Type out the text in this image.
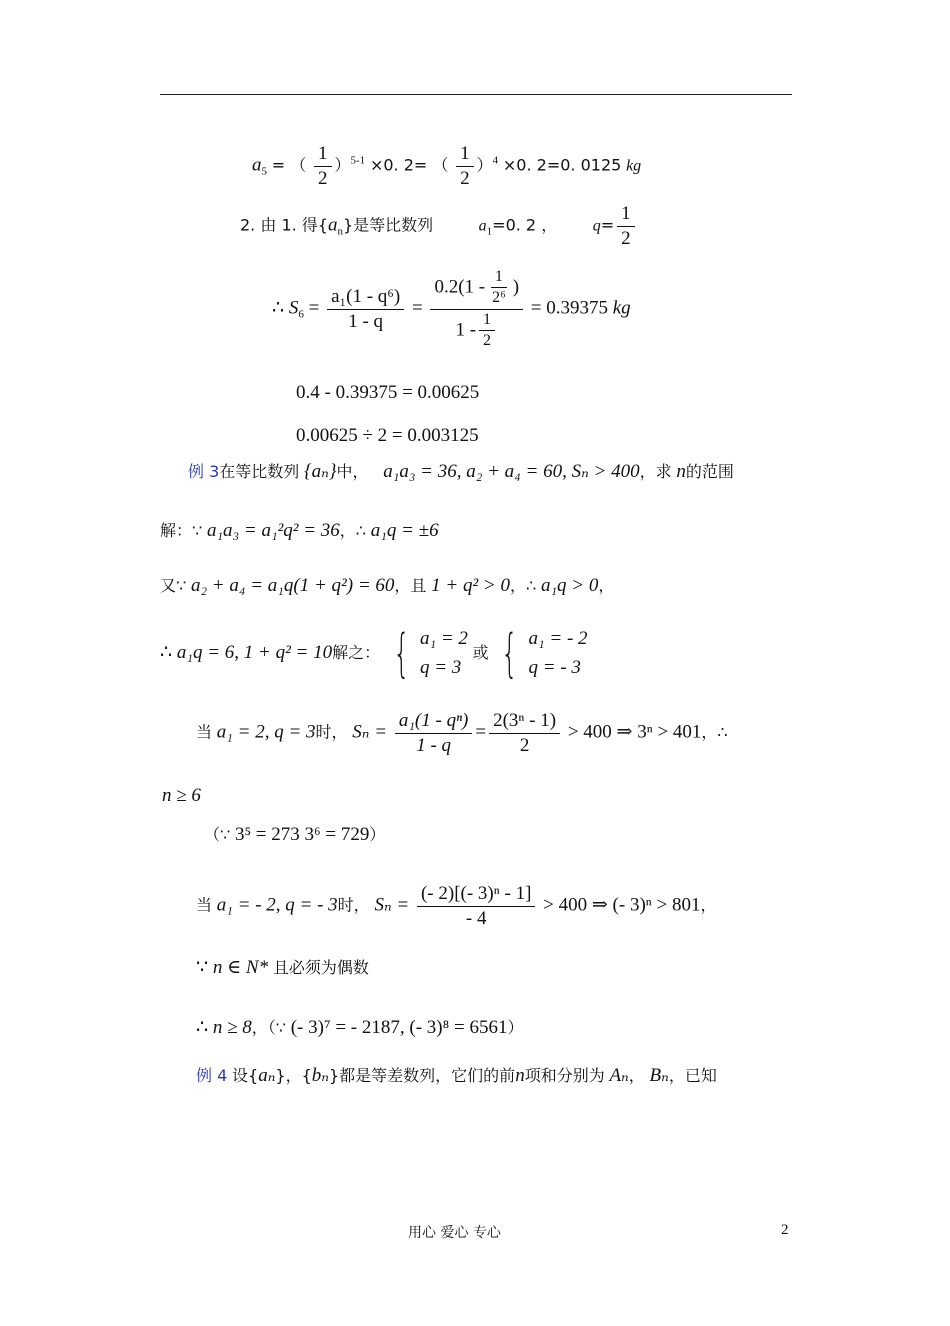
$a_5$ = （ $\frac{1}{2} )^{5-1} \times 0$. 2= （ $\frac{1}{2} )^4 \times 0$. 2=0. 0125 kg
2. 由 1. 得$\{a_n\}$是等比数列	$a_1=0$. 2 ， $q= \frac{1}{2}$
∴ $S_6 = \frac{\text{a₁(1 - q⁶)}}{1 - q} = \frac{0.2(1 - \frac{1}{\text{2⁶}} )}{1 - \frac{1}{2}} = 0.39375$ kg
0.4 - 0.39375 = 0.00625
0.00625 ÷ 2 = 0.003125
例 3在等比数列 {aₙ}中， a₁a₃ = 36, a₂ + a₄ = 60, Sₙ > 400，求 n的范围
解：∵ a₁a₃ = a₁²q² = 36，∴ a₁q = ±6
又∵ a₂ + a₄ = a₁q(1 + q²) = 60，且 1 + q² > 0，∴ a₁q > 0，
∴ a₁q = 6, 1 + q² = 10解之： { a₁ = 2
q = 3
或 { a₁ = - 2
q = - 3
当 a₁ = 2, q = 3时， $S_n = \frac{\text{a₁(1 - qⁿ)}}{1 - q} = \frac{\text{2(3ⁿ - 1)}}{2} > 400$ ⇒ 3ⁿ > 401，∴
n ≥ 6
（∵ 3⁵ = 273 3⁶ = 729）
当 a₁ = - 2, q = - 3时， $S_n = \frac{\text{(- 2)[(- 3)ⁿ - 1]}}{- 4} > 400$ ⇒ (- 3)ⁿ > 801，
∵ n ∈ N* 且必须为偶数
∴ n ≥ 8，（∵ (- 3)⁷ = - 2187, (- 3)⁸ = 6561）
例 4 设{aₙ}，{bₙ}都是等差数列，它们的前n项和分别为 Aₙ， Bₙ，已知
用心 爱心 专心	2
